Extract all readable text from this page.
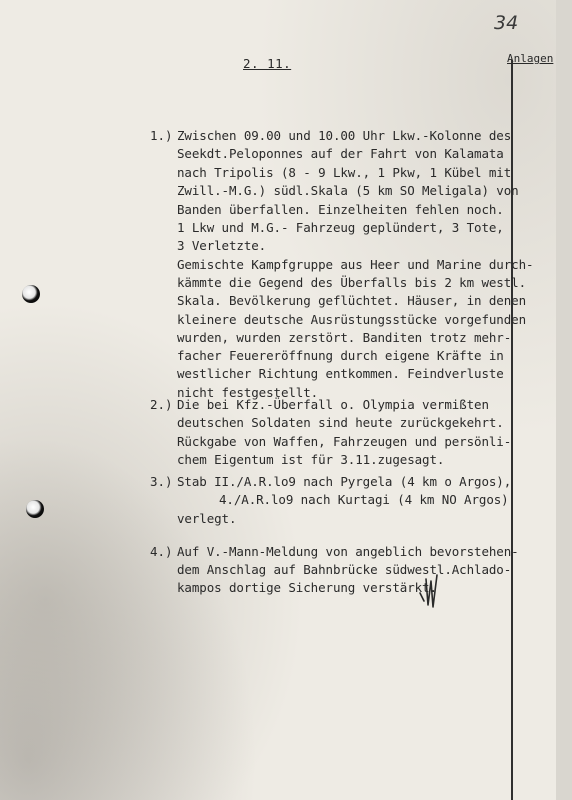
34
Anlagen
2. 11.
1.) Zwischen 09.00 und 10.00 Uhr Lkw.-Kolonne des
Seekdt.Peloponnes auf der Fahrt von Kalamata
nach Tripolis (8 - 9 Lkw., 1 Pkw, 1 Kübel mit
Zwill.-M.G.) südl.Skala (5 km SO Meligala) von
Banden überfallen. Einzelheiten fehlen noch.
1 Lkw und M.G.- Fahrzeug geplündert, 3 Tote,
3 Verletzte.
Gemischte Kampfgruppe aus Heer und Marine durch-
kämmte die Gegend des Überfalls bis 2 km westl.
Skala. Bevölkerung geflüchtet. Häuser, in denen
kleinere deutsche Ausrüstungsstücke vorgefunden
wurden, wurden zerstört. Banditen trotz mehr-
facher Feuereröffnung durch eigene Kräfte in
westlicher Richtung entkommen. Feindverluste
nicht festgestellt.
2.) Die bei Kfz.-Überfall o. Olympia vermißten
deutschen Soldaten sind heute zurückgekehrt.
Rückgabe von Waffen, Fahrzeugen und persönli-
chem Eigentum ist für 3.11.zugesagt.
3.) Stab II./A.R.lo9 nach Pyrgela (4 km o Argos),
4./A.R.lo9 nach Kurtagi (4 km NO Argos)
verlegt.
4.) Auf V.-Mann-Meldung von angeblich bevorstehen-
dem Anschlag auf Bahnbrücke südwestl.Achlado-
kampos dortige Sicherung verstärkt.
